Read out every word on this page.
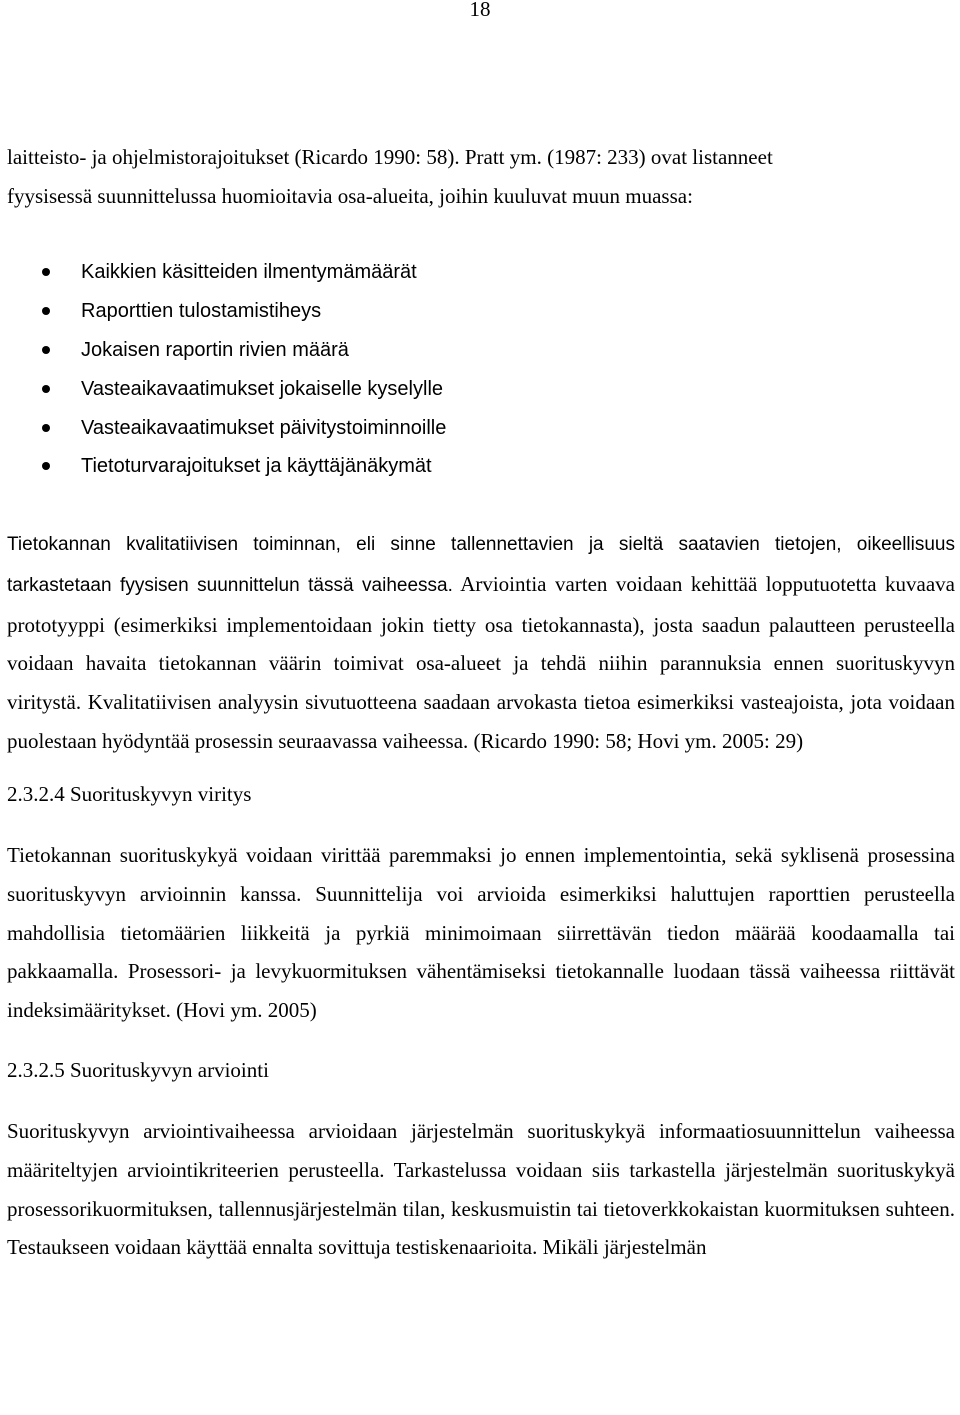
18

laitteisto- ja ohjelmistorajoitukset (Ricardo 1990: 58). Pratt ym. (1987: 233) ovat listanneet
fyysisessä suunnittelussa huomioitavia osa-alueita, joihin kuuluvat muun muassa:

Kaikkien käsitteiden ilmentymämäärät
Raporttien tulostamistiheys
Jokaisen raportin rivien määrä
Vasteaikavaatimukset jokaiselle kyselylle
Vasteaikavaatimukset päivitystoiminnoille
Tietoturvarajoitukset ja käyttäjänäkymät

Tietokannan kvalitatiivisen toiminnan, eli sinne tallennettavien ja sieltä saatavien tietojen, oikeellisuus tarkastetaan fyysisen suunnittelun tässä vaiheessa. Arviointia varten voidaan kehittää lopputuotetta kuvaava prototyyppi (esimerkiksi implementoidaan jokin tietty osa tietokannasta), josta saadun palautteen perusteella voidaan havaita tietokannan väärin toimivat osa-alueet ja tehdä niihin parannuksia ennen suorituskyvyn viritystä. Kvalitatiivisen analyysin sivutuotteena saadaan arvokasta tietoa esimerkiksi vasteajoista, jota voidaan puolestaan hyödyntää prosessin seuraavassa vaiheessa. (Ricardo 1990: 58; Hovi ym. 2005: 29)

2.3.2.4 Suorituskyvyn viritys

Tietokannan suorituskykyä voidaan virittää paremmaksi jo ennen implementointia, sekä syklisenä prosessina suorituskyvyn arvioinnin kanssa. Suunnittelija voi arvioida esimerkiksi haluttujen raporttien perusteella mahdollisia tietomäärien liikkeitä ja pyrkiä minimoimaan siirrettävän tiedon määrää koodaamalla tai pakkaamalla. Prosessori- ja levykuormituksen vähentämiseksi tietokannalle luodaan tässä vaiheessa riittävät indeksimääritykset. (Hovi ym. 2005)

2.3.2.5 Suorituskyvyn arviointi

Suorituskyvyn arviointivaiheessa arvioidaan järjestelmän suorituskykyä informaatiosuunnittelun vaiheessa määriteltyjen arviointikriteerien perusteella. Tarkastelussa voidaan siis tarkastella järjestelmän suorituskykyä prosessorikuormituksen, tallennusjärjestelmän tilan, keskusmuistin tai tietoverkkokaistan kuormituksen suhteen. Testaukseen voidaan käyttää ennalta sovittuja testiskenaarioita. Mikäli järjestelmän
